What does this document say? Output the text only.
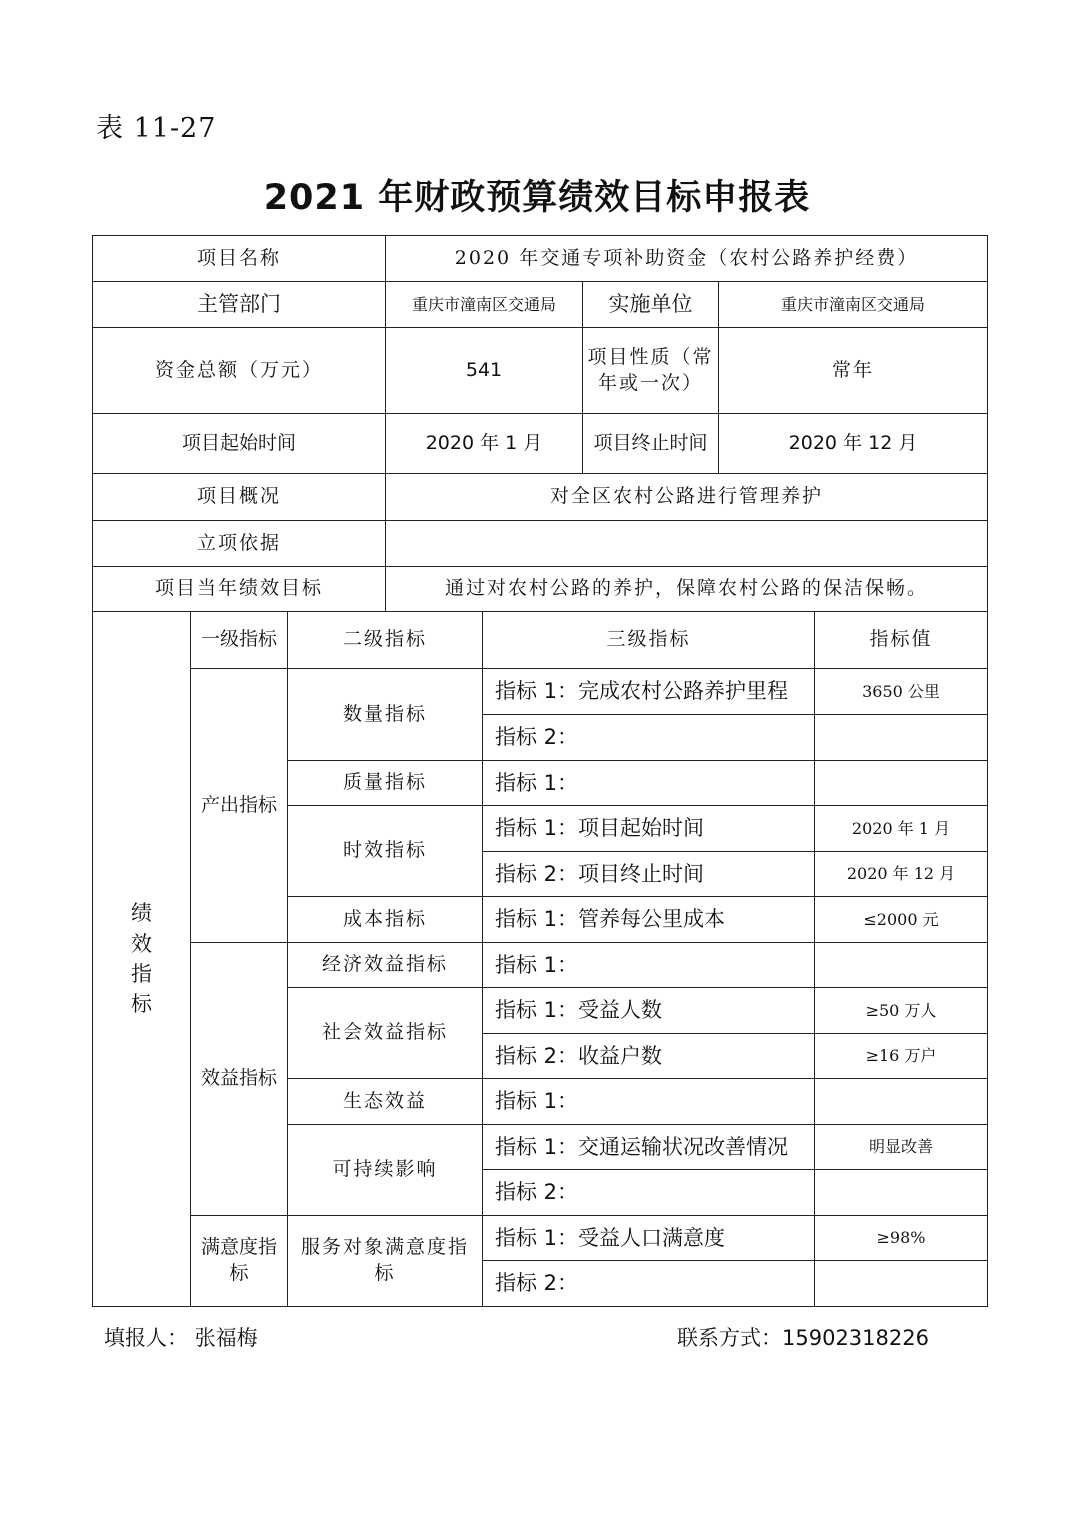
表 11-27
2021 年财政预算绩效目标申报表
项目名称	2020 年交通专项补助资金（农村公路养护经费）		
主管部门	重庆市潼南区交通局	实施单位	重庆市潼南区交通局
资金总额（万元）	541	项目性质（常年或一次）	常年
项目起始时间	2020 年 1 月	项目终止时间	2020 年 12 月
项目概况	对全区农村公路进行管理养护		
立项依据			
项目当年绩效目标	通过对农村公路的养护，保障农村公路的保洁保畅。		
绩效指标	一级指标	二级指标	三级指标	指标值
	产出指标	数量指标	指标 1：完成农村公路养护里程	3650 公里
			指标 2：	
		质量指标	指标 1：	
		时效指标	指标 1：项目起始时间	2020 年 1 月
			指标 2：项目终止时间	2020 年 12 月
		成本指标	指标 1：管养每公里成本	≤2000 元
	效益指标	经济效益指标	指标 1：	
		社会效益指标	指标 1：受益人数	≥50 万人
			指标 2：收益户数	≥16 万户
		生态效益	指标 1：	
		可持续影响	指标 1：交通运输状况改善情况	明显改善
			指标 2：	
	满意度指标	服务对象满意度指标	指标 1：受益人口满意度	≥98%
			指标 2：	
填报人： 张福梅	联系方式：15902318226
